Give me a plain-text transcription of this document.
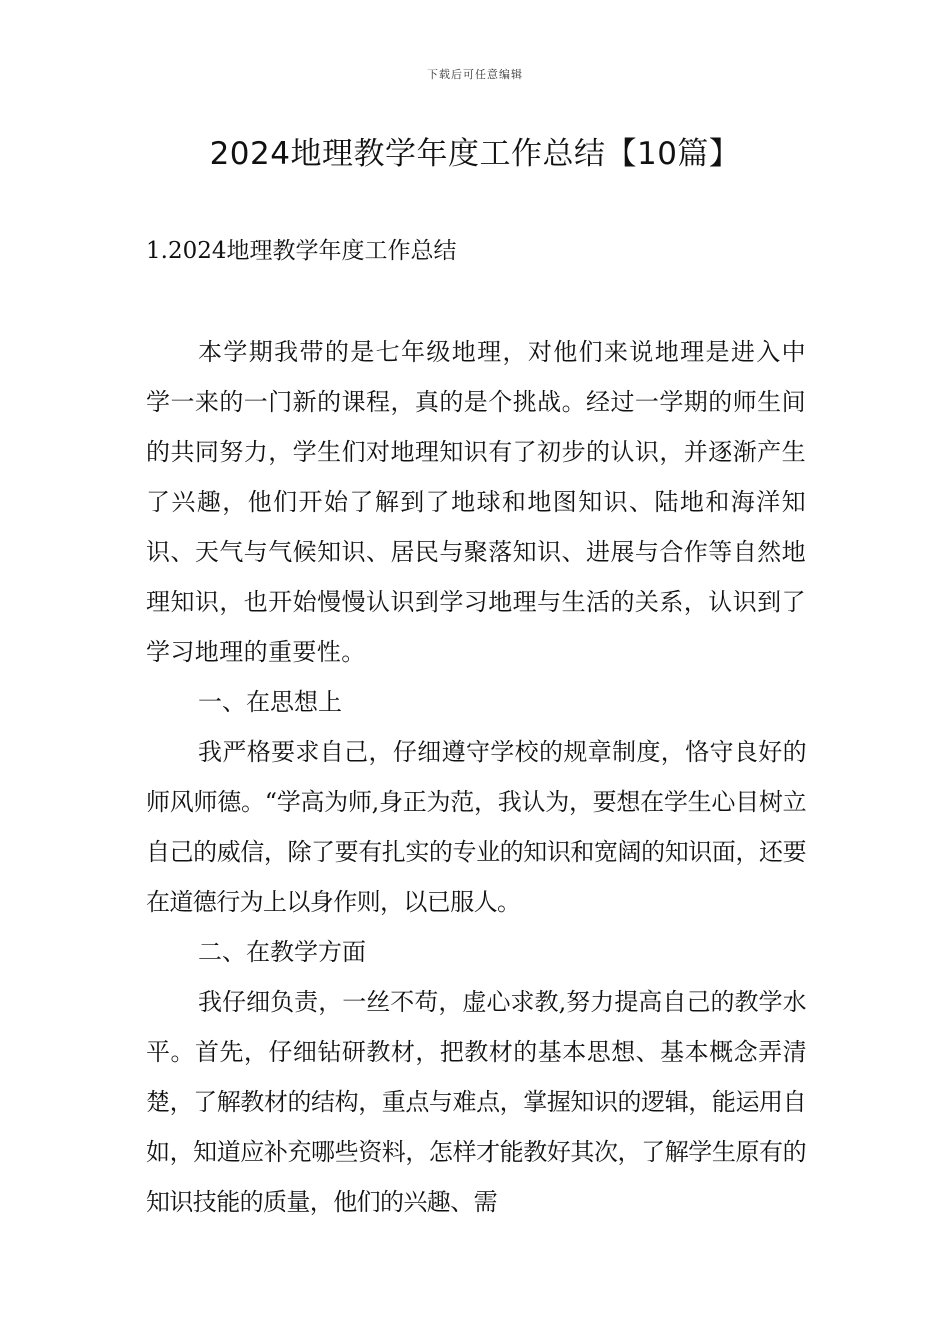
下载后可任意编辑
2024地理教学年度工作总结【10篇】
1.2024地理教学年度工作总结

本学期我带的是七年级地理，对他们来说地理是进入中学一来的一门新的课程，真的是个挑战。经过一学期的师生间的共同努力，学生们对地理知识有了初步的认识，并逐渐产生了兴趣，他们开始了解到了地球和地图知识、陆地和海洋知识、天气与气候知识、居民与聚落知识、进展与合作等自然地理知识，也开始慢慢认识到学习地理与生活的关系，认识到了学习地理的重要性。

一、在思想上

我严格要求自己，仔细遵守学校的规章制度，恪守良好的师风师德。“学高为师,身正为范，我认为，要想在学生心目树立自己的威信，除了要有扎实的专业的知识和宽阔的知识面，还要在道德行为上以身作则，以已服人。

二、在教学方面

我仔细负责，一丝不苟，虚心求教,努力提高自己的教学水平。首先，仔细钻研教材，把教材的基本思想、基本概念弄清楚，了解教材的结构，重点与难点，掌握知识的逻辑，能运用自如，知道应补充哪些资料，怎样才能教好其次，了解学生原有的知识技能的质量，他们的兴趣、需
